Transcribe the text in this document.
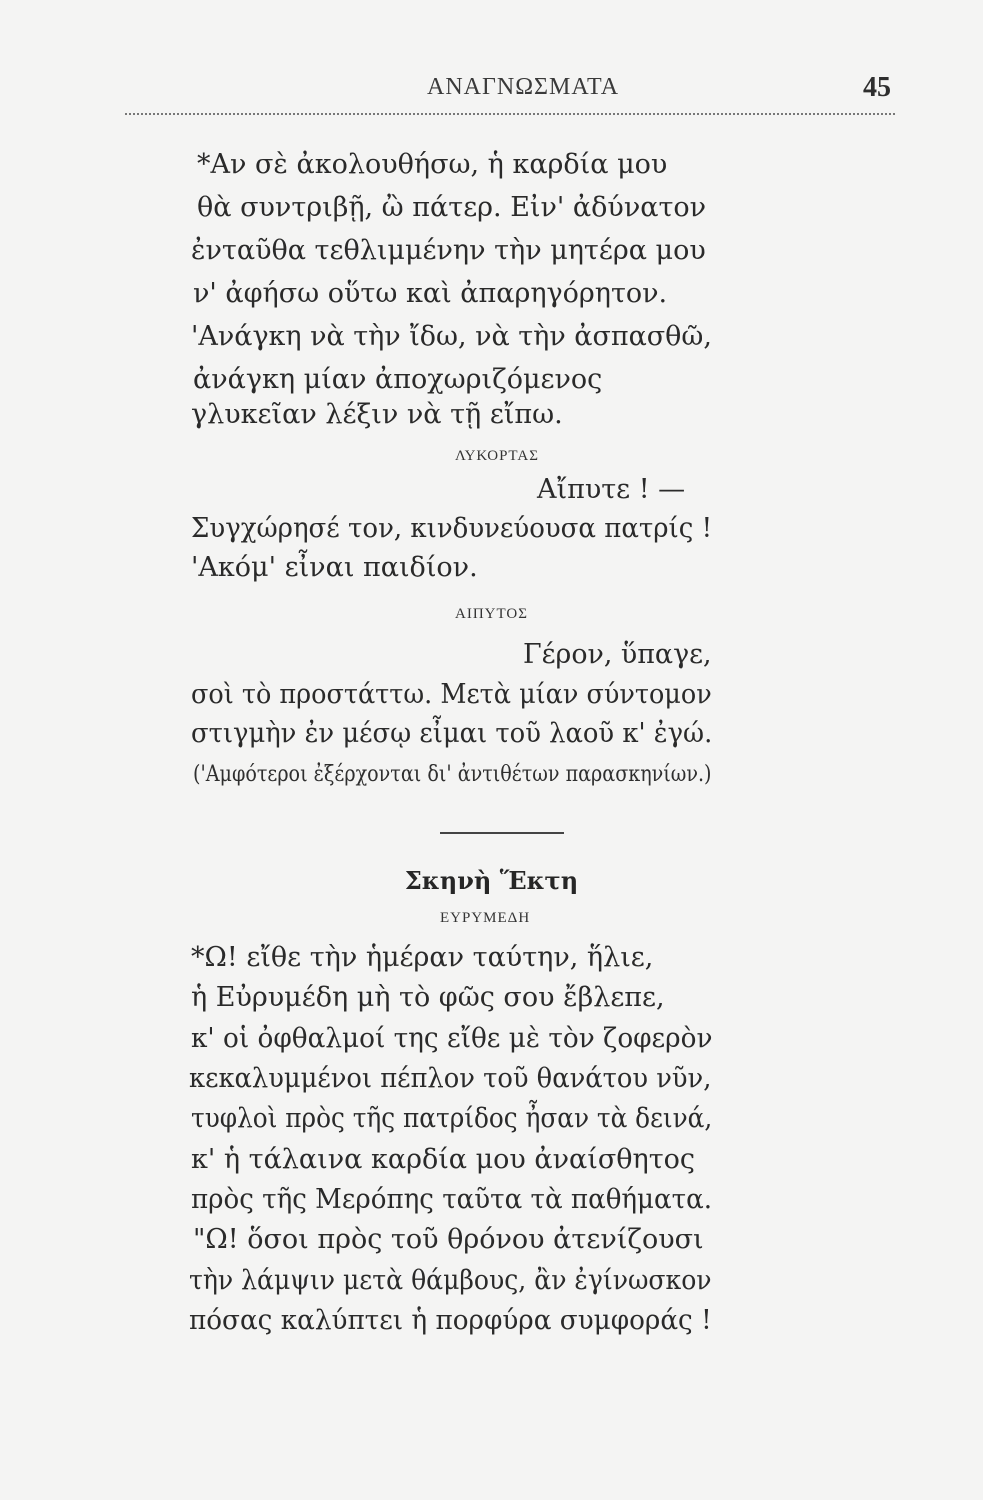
ΑΝΑΓΝΩΣΜΑΤΑ	45
*Αν σὲ ἀκολουθήσω, ἡ καρδία μου
θὰ συντριβῇ, ὢ πάτερ. Εἰν' ἀδύνατον
ἐνταῦθα τεθλιμμένην τὴν μητέρα μου
ν' ἀφήσω οὕτω καὶ ἀπαρηγόρητον.
'Ανάγκη νὰ τὴν ἴδω, νὰ τὴν ἀσπασθῶ,
ἀνάγκη μίαν ἀποχωριζόμενος
γλυκεῖαν λέξιν νὰ τῇ εἴπω.
ΛΥΚΟΡΤΑΣ
Αἴπυτε ! —
Συγχώρησέ τον, κινδυνεύουσα πατρίς !
'Ακόμ' εἶναι παιδίον.
ΑΙΠΥΤΟΣ
Γέρον, ὕπαγε,
σοὶ τὸ προστάττω. Μετὰ μίαν σύντομον
στιγμὴν ἐν μέσῳ εἶμαι τοῦ λαοῦ κ' ἐγώ.
('Αμφότεροι ἐξέρχονται δι' ἀντιθέτων παρασκηνίων.)
Σκηνὴ Ἕκτη
ΕΥΡΥΜΕΔΗ
*Ω! εἴθε τὴν ἡμέραν ταύτην, ἥλιε,
ἡ Εὐρυμέδη μὴ τὸ φῶς σου ἔβλεπε,
κ' οἱ ὀφθαλμοί της εἴθε μὲ τὸν ζοφερὸν
κεκαλυμμένοι πέπλον τοῦ θανάτου νῦν,
τυφλοὶ πρὸς τῆς πατρίδος ἦσαν τὰ δεινά,
κ' ἡ τάλαινα καρδία μου ἀναίσθητος
πρὸς τῆς Μερόπης ταῦτα τὰ παθήματα.
"Ω! ὅσοι πρὸς τοῦ θρόνου ἀτενίζουσι
τὴν λάμψιν μετὰ θάμβους, ἂν ἐγίνωσκον
πόσας καλύπτει ἡ πορφύρα συμφοράς !
